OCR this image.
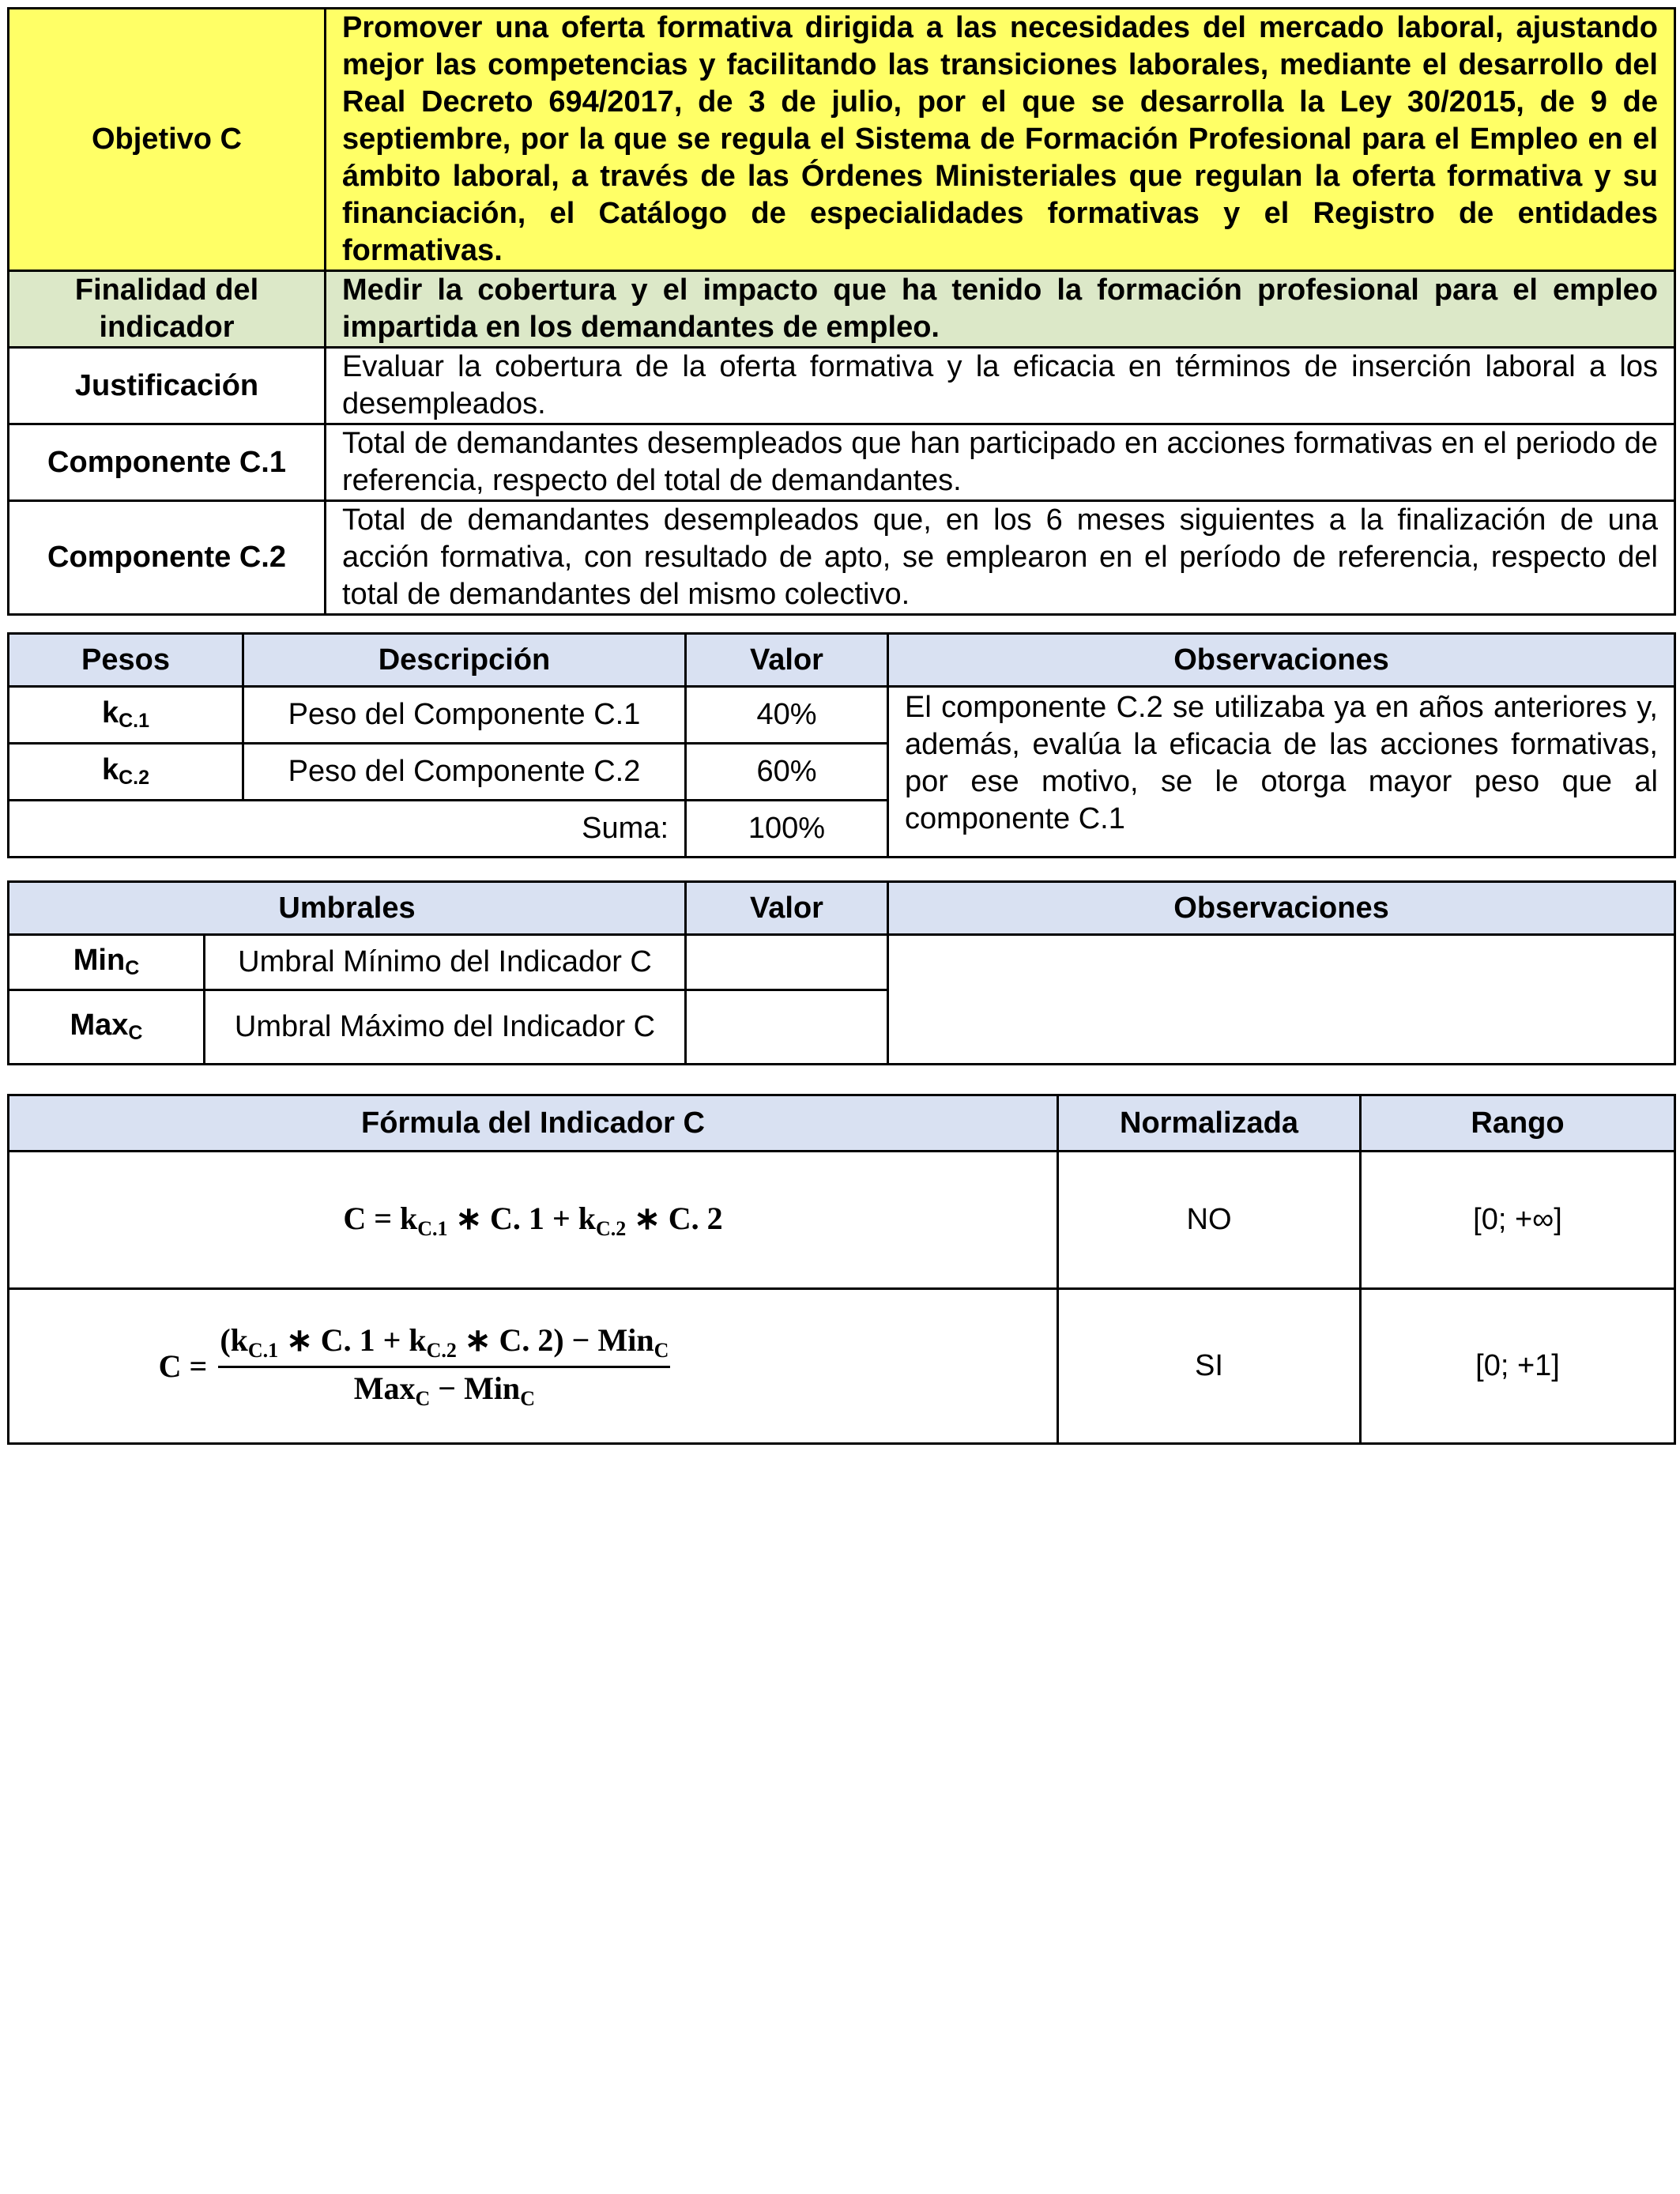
Objetivo C	Promover una oferta formativa dirigida a las necesidades del mercado laboral, ajustando mejor las competencias y facilitando las transiciones laborales, mediante el desarrollo del Real Decreto 694/2017, de 3 de julio, por el que se desarrolla la Ley 30/2015, de 9 de septiembre, por la que se regula el Sistema de Formación Profesional para el Empleo en el ámbito laboral, a través de las Órdenes Ministeriales que regulan la oferta formativa y su financiación, el Catálogo de especialidades formativas y el Registro de entidades formativas.
Finalidad del indicador	Medir la cobertura y el impacto que ha tenido la formación profesional para el empleo impartida en los demandantes de empleo.
Justificación	Evaluar la cobertura de la oferta formativa y la eficacia en términos de inserción laboral a los desempleados.
Componente C.1	Total de demandantes desempleados que han participado en acciones formativas en el periodo de referencia, respecto del total de demandantes.
Componente C.2	Total de demandantes desempleados que, en los 6 meses siguientes a la finalización de una acción formativa, con resultado de apto, se emplearon en el período de referencia, respecto del total de demandantes del mismo colectivo.
Pesos	Descripción	Valor	Observaciones
kC.1	Peso del Componente C.1	40%	El componente C.2 se utilizaba ya en años anteriores y, además, evalúa la eficacia de las acciones formativas, por ese motivo, se le otorga mayor peso que al componente C.1
kC.2	Peso del Componente C.2	60%	
Suma:		100%	
Umbrales		Valor	Observaciones
MinC	Umbral Mínimo del Indicador C		
MaxC	Umbral Máximo del Indicador C		
Fórmula del Indicador C	Normalizada	Rango
$C = k_{C.1}$ ∗ C. $1 + k_{C.2}$ ∗ C. 2	NO	[0; +∞]

$C = \frac{(k_{C.1} ∗ C. 1 + k_{C.2} ∗ C. 2) - Min_C}{Max_C - Min_C}$	SI	[0; +1]
